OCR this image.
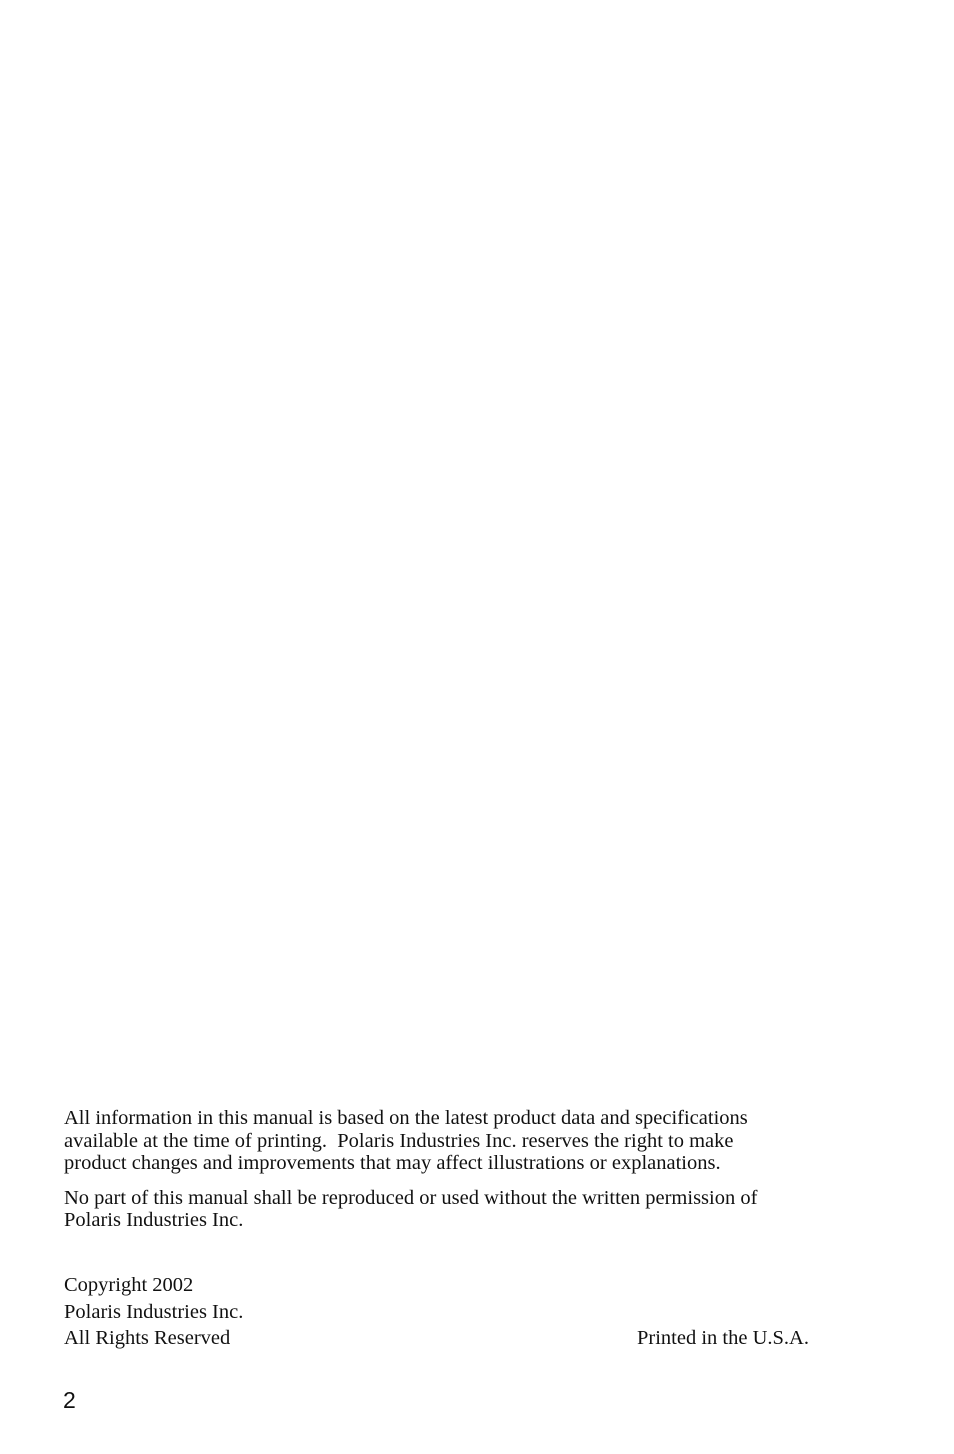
All information in this manual is based on the latest product data and specifications

available at the time of printing.  Polaris Industries Inc. reserves the right to make

product changes and improvements that may affect illustrations or explanations.

No part of this manual shall be reproduced or used without the written permission of

Polaris Industries Inc.

Copyright 2002
Polaris Industries Inc.
All Rights Reserved	Printed in the U.S.A.
2
